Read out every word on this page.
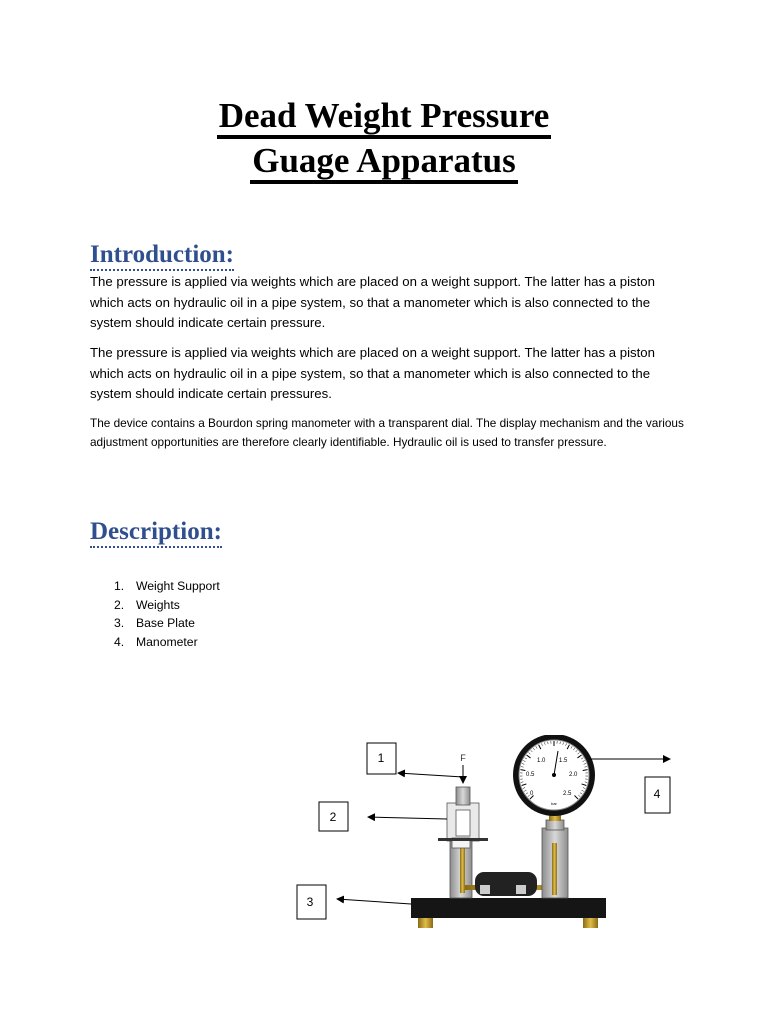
Dead Weight Pressure
Guage Apparatus
Introduction:

The pressure is applied via weights which are placed on a weight support. The latter has a piston which acts on hydraulic oil in a pipe system, so that a manometer which is also connected to the system should indicate certain pressure.

The pressure is applied via weights which are placed on a weight support. The latter has a piston which acts on hydraulic oil in a pipe system, so that a manometer which is also connected to the system should indicate certain pressures.

The device contains a Bourdon spring manometer with a transparent dial. The display mechanism and the various adjustment opportunities are therefore clearly identifiable. Hydraulic oil is used to transfer pressure.

Description:
1. Weight Support
2. Weights
3. Base Plate
4. Manometer
F
0
0.5
1.0 1.5
2.0
2.5
bar
1
2
3
4
